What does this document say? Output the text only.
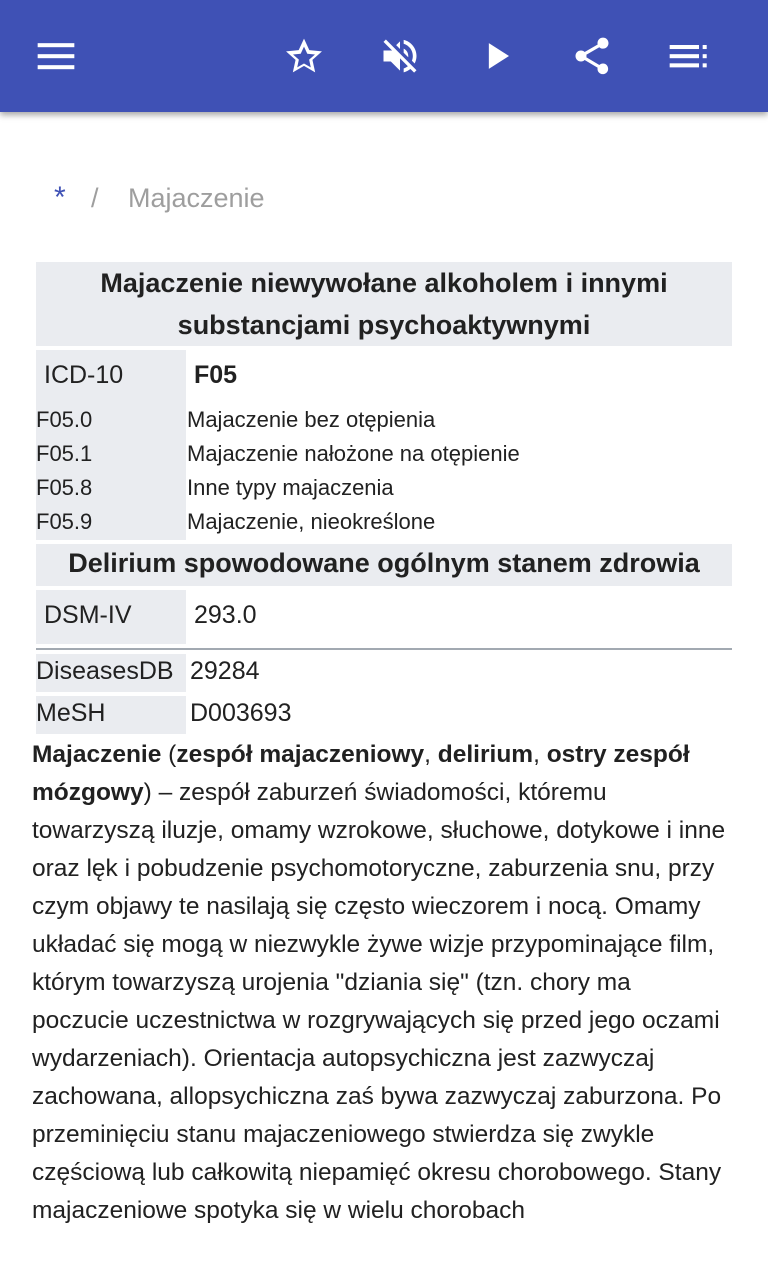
* / Majaczenie
Majaczenie niewywołane alkoholem i innymi
substancjami psychoaktywnymi
ICD-10	F05
F05.0	Majaczenie bez otępienia
F05.1	Majaczenie nałożone na otępienie
F05.8	Inne typy majaczenia
F05.9	Majaczenie, nieokreślone
Delirium spowodowane ogólnym stanem zdrowia
DSM-IV	293.0
DiseasesDB 29284
MeSH	D003693
Majaczenie (zespół majaczeniowy, delirium, ostry zespół mózgowy) – zespół zaburzeń świadomości, któremu towarzyszą iluzje, omamy wzrokowe, słuchowe, dotykowe i inne oraz lęk i pobudzenie psychomotoryczne, zaburzenia snu, przy czym objawy te nasilają się często wieczorem i nocą. Omamy układać się mogą w niezwykle żywe wizje przypominające film, którym towarzyszą urojenia "dziania się" (tzn. chory ma poczucie uczestnictwa w rozgrywających się przed jego oczami wydarzeniach). Orientacja autopsychiczna jest zazwyczaj zachowana, allopsychiczna zaś bywa zazwyczaj zaburzona. Po przeminięciu stanu majaczeniowego stwierdza się zwykle częściową lub całkowitą niepamięć okresu chorobowego. Stany majaczeniowe spotyka się w wielu chorobach
